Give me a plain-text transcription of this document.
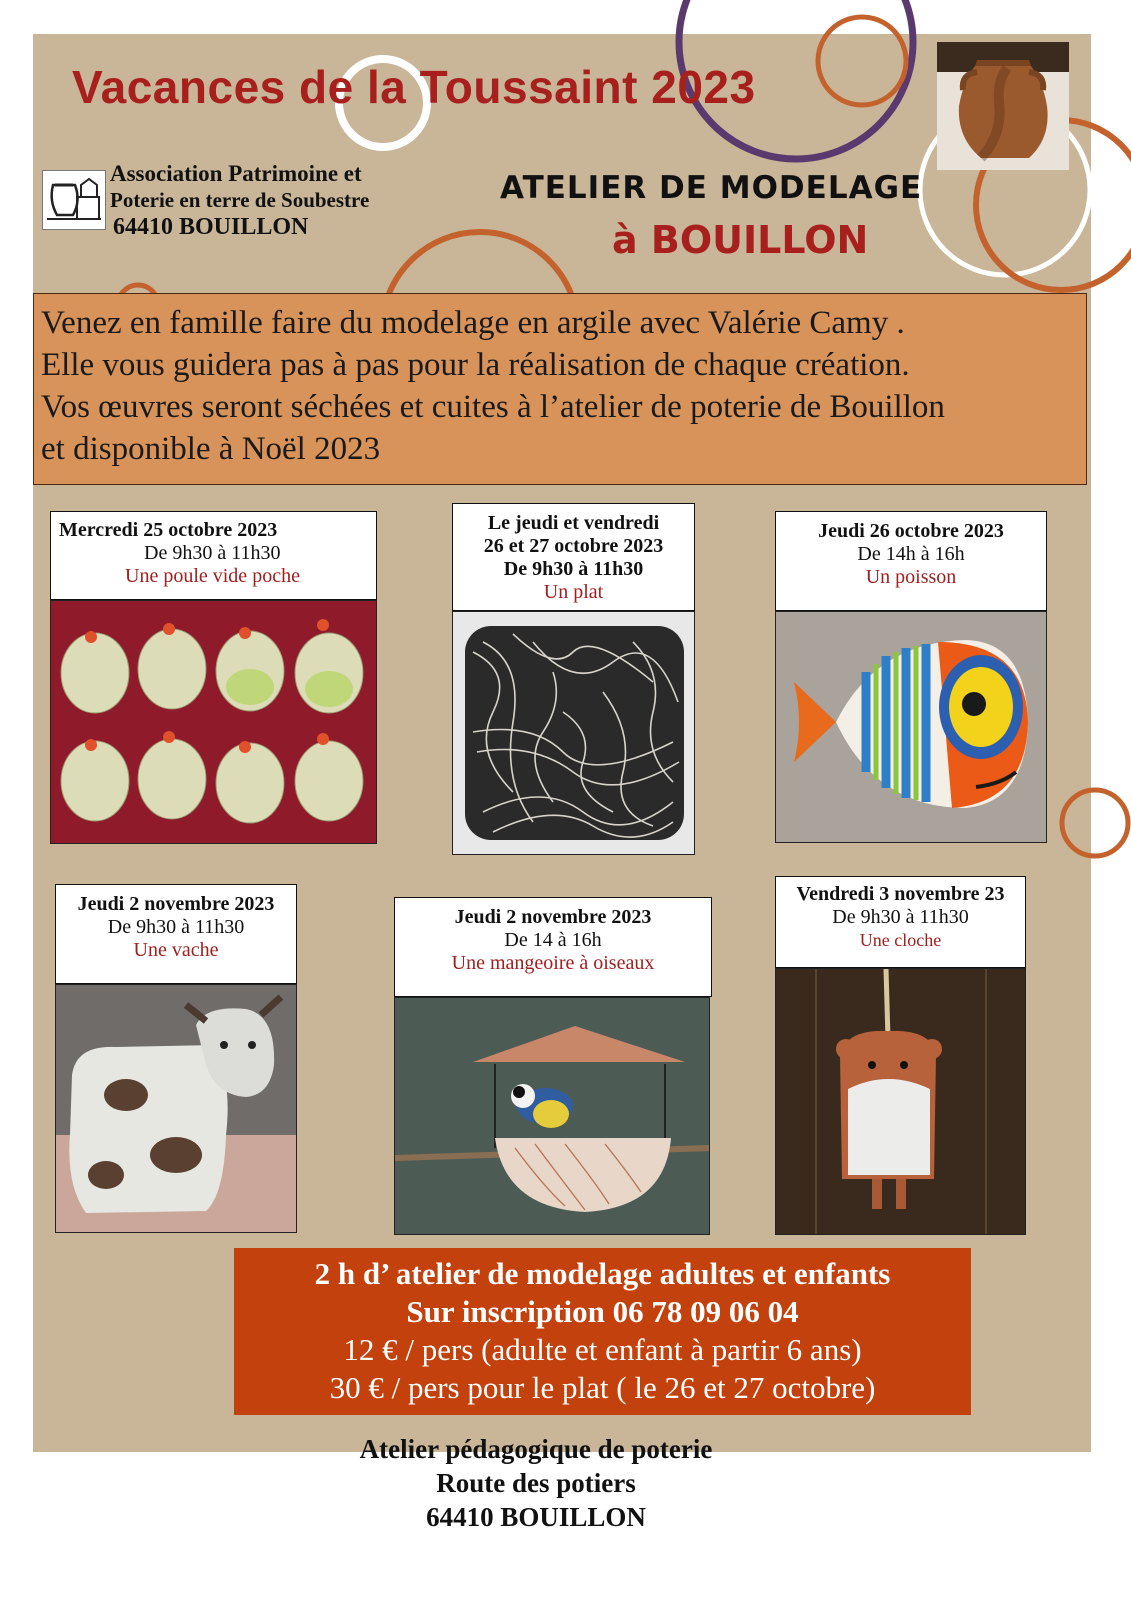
Vacances de la Toussaint 2023
Association Patrimoine et
Poterie en terre de Soubestre
64410 BOUILLON
ATELIER DE MODELAGE
à BOUILLON
Venez en famille faire du modelage en argile avec Valérie Camy .
Elle vous guidera pas à pas pour la réalisation de chaque création.
Vos œuvres seront séchées et cuites à l’atelier de poterie de Bouillon
et disponible à Noël 2023
Mercredi 25 octobre 2023
De 9h30 à 11h30
Une poule vide poche
Le jeudi et vendredi
26 et 27 octobre 2023
De 9h30 à 11h30
Un plat
Jeudi 26 octobre 2023
De 14h à 16h
Un poisson
Jeudi 2 novembre 2023
De 9h30 à 11h30
Une vache
Jeudi 2 novembre 2023
De 14 à 16h
Une mangeoire à oiseaux
Vendredi 3 novembre 23
De 9h30 à 11h30
Une cloche
2 h d’ atelier de modelage adultes et enfants
Sur inscription 06 78 09 06 04
12 € / pers (adulte et enfant à partir 6 ans)
30 € / pers pour le plat ( le 26 et 27 octobre)
Atelier pédagogique de poterie
Route des potiers
64410 BOUILLON
